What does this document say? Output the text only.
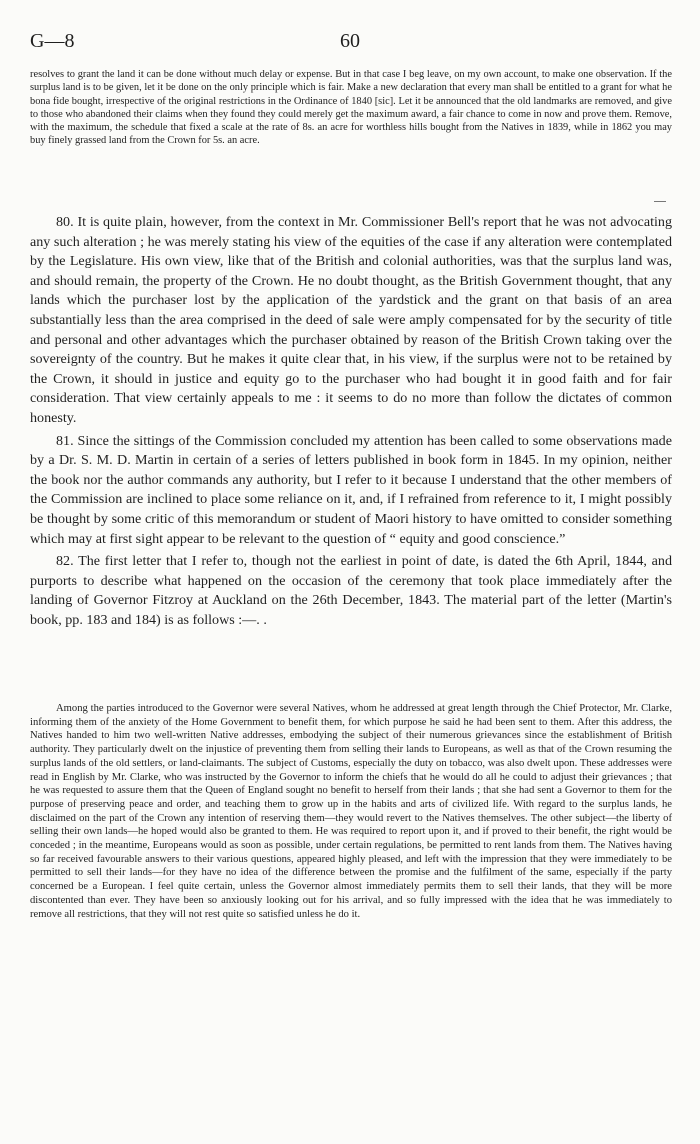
G—8	60

resolves to grant the land it can be done without much delay or expense. But in that case I beg leave, on my own account, to make one observation. If the surplus land is to be given, let it be done on the only principle which is fair. Make a new declaration that every man shall be entitled to a grant for what he bona fide bought, irrespective of the original restrictions in the Ordinance of 1840 [sic]. Let it be announced that the old landmarks are removed, and give to those who abandoned their claims when they found they could merely get the maximum award, a fair chance to come in now and prove them. Remove, with the maximum, the schedule that fixed a scale at the rate of 8s. an acre for worthless hills bought from the Natives in 1839, while in 1862 you may buy finely grassed land from the Crown for 5s. an acre.

80. It is quite plain, however, from the context in Mr. Commissioner Bell's report that he was not advocating any such alteration ; he was merely stating his view of the equities of the case if any alteration were contemplated by the Legislature. His own view, like that of the British and colonial authorities, was that the surplus land was, and should remain, the property of the Crown. He no doubt thought, as the British Government thought, that any lands which the purchaser lost by the application of the yardstick and the grant on that basis of an area substantially less than the area comprised in the deed of sale were amply compensated for by the security of title and personal and other advantages which the purchaser obtained by reason of the British Crown taking over the sovereignty of the country. But he makes it quite clear that, in his view, if the surplus were not to be retained by the Crown, it should in justice and equity go to the purchaser who had bought it in good faith and for fair consideration. That view certainly appeals to me : it seems to do no more than follow the dictates of common honesty.

81. Since the sittings of the Commission concluded my attention has been called to some observations made by a Dr. S. M. D. Martin in certain of a series of letters published in book form in 1845. In my opinion, neither the book nor the author commands any authority, but I refer to it because I understand that the other members of the Commission are inclined to place some reliance on it, and, if I refrained from reference to it, I might possibly be thought by some critic of this memorandum or student of Maori history to have omitted to consider something which may at first sight appear to be relevant to the question of “ equity and good conscience.”

82. The first letter that I refer to, though not the earliest in point of date, is dated the 6th April, 1844, and purports to describe what happened on the occasion of the ceremony that took place immediately after the landing of Governor Fitzroy at Auckland on the 26th December, 1843. The material part of the letter (Martin's book, pp. 183 and 184) is as follows :—. .

Among the parties introduced to the Governor were several Natives, whom he addressed at great length through the Chief Protector, Mr. Clarke, informing them of the anxiety of the Home Government to benefit them, for which purpose he said he had been sent to them. After this address, the Natives handed to him two well-written Native addresses, embodying the subject of their numerous grievances since the establishment of British authority. They particularly dwelt on the injustice of preventing them from selling their lands to Europeans, as well as that of the Crown resuming the surplus lands of the old settlers, or land-claimants. The subject of Customs, especially the duty on tobacco, was also dwelt upon. These addresses were read in English by Mr. Clarke, who was instructed by the Governor to inform the chiefs that he would do all he could to adjust their grievances ; that he was requested to assure them that the Queen of England sought no benefit to herself from their lands ; that she had sent a Governor to them for the purpose of preserving peace and order, and teaching them to grow up in the habits and arts of civilized life. With regard to the surplus lands, he disclaimed on the part of the Crown any intention of reserving them—they would revert to the Natives themselves. The other subject—the liberty of selling their own lands—he hoped would also be granted to them. He was required to report upon it, and if proved to their benefit, the right would be conceded ; in the meantime, Europeans would as soon as possible, under certain regulations, be permitted to rent lands from them. The Natives having so far received favourable answers to their various questions, appeared highly pleased, and left with the impression that they were immediately to be permitted to sell their lands—for they have no idea of the difference between the promise and the fulfilment of the same, especially if the party concerned be a European. I feel quite certain, unless the Governor almost immediately permits them to sell their lands, that they will be more discontented than ever. They have been so anxiously looking out for his arrival, and so fully impressed with the idea that he was immediately to remove all restrictions, that they will not rest quite so satisfied unless he do it.
